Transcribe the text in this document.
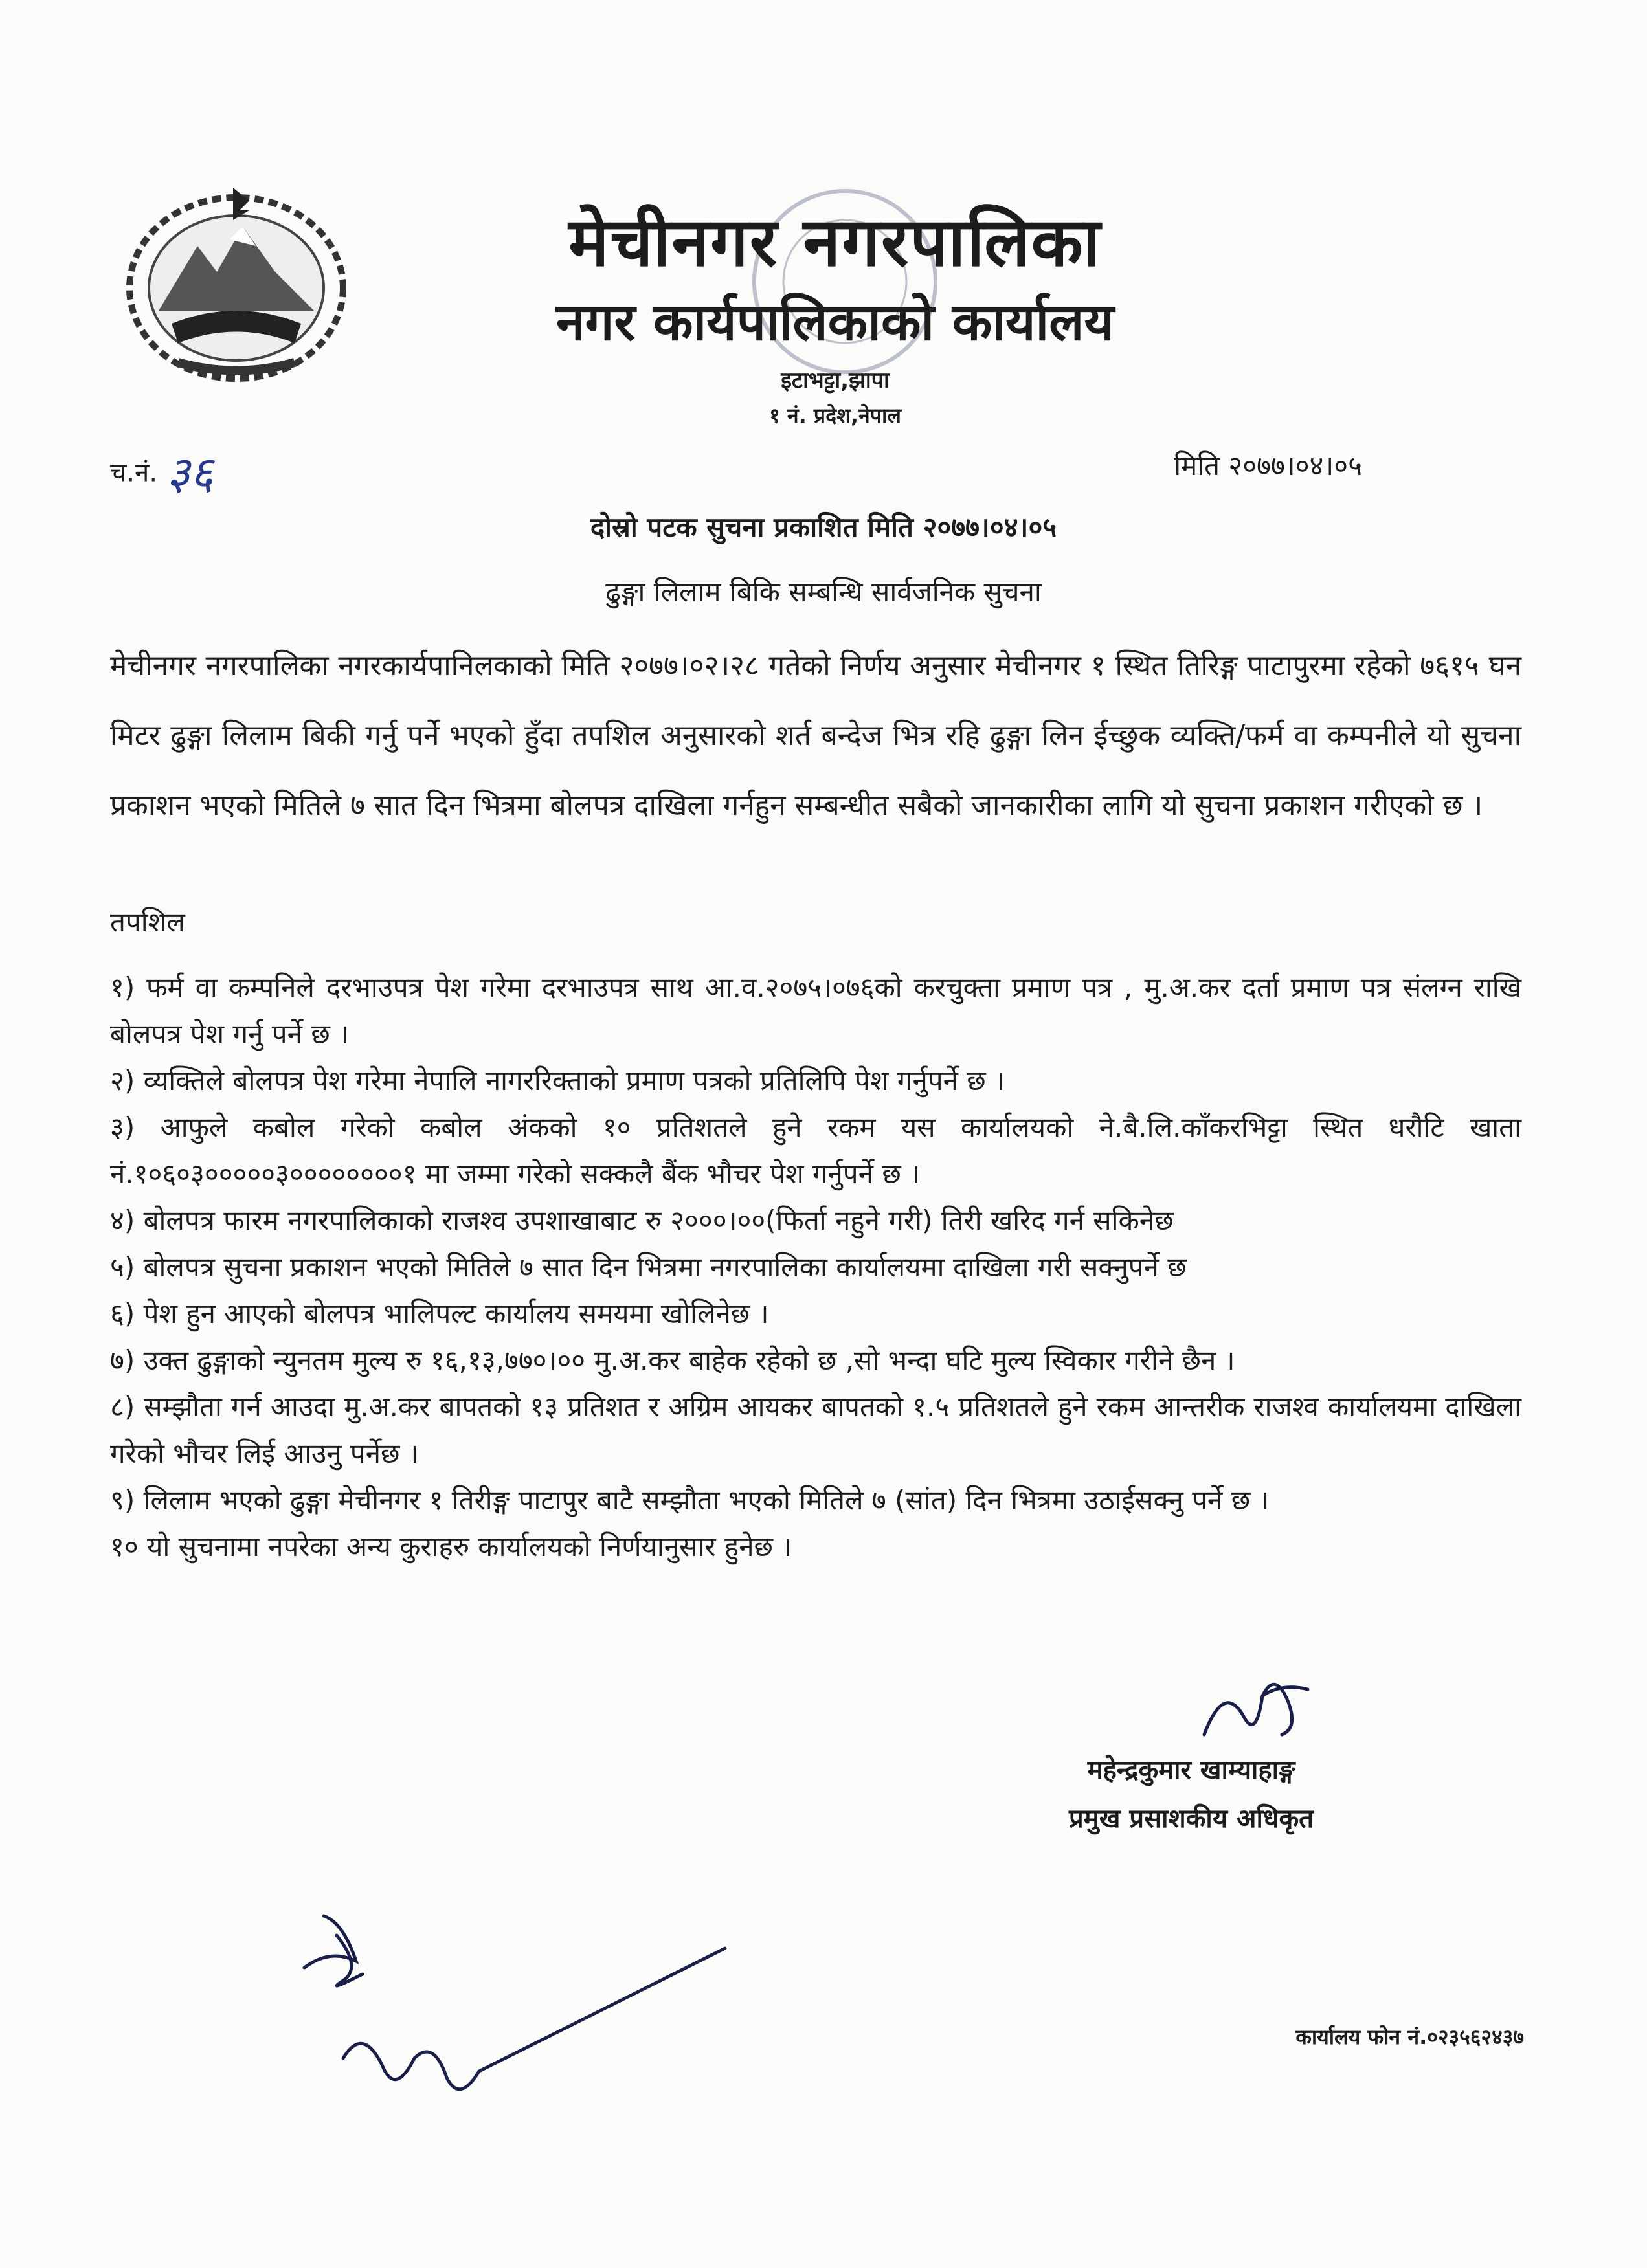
मेचीनगर नगरपालिका
नगर कार्यपालिकाको कार्यालय
इटाभट्टा,झापा
१ नं. प्रदेश,नेपाल
च.नं. ३६	मिति २०७७।०४।०५
दोस्रो पटक सुचना प्रकाशित मिति २०७७।०४।०५
ढुङ्गा लिलाम बिकि सम्बन्धि सार्वजनिक सुचना
मेचीनगर नगरपालिका नगरकार्यपानिलकाको मिति २०७७।०२।२८ गतेको निर्णय अनुसार मेचीनगर १ स्थित तिरिङ्ग पाटापुरमा रहेको ७६१५ घन मिटर ढुङ्गा लिलाम बिकी गर्नु पर्ने भएको हुँदा तपशिल अनुसारको शर्त बन्देज भित्र रहि ढुङ्गा लिन ईच्छुक व्यक्ति/फर्म वा कम्पनीले यो सुचना प्रकाशन भएको मितिले ७ सात दिन भित्रमा बोलपत्र दाखिला गर्नहुन सम्बन्धीत सबैको जानकारीका लागि यो सुचना प्रकाशन गरीएको छ ।
तपशिल

१) फर्म वा कम्पनिले दरभाउपत्र पेश गरेमा दरभाउपत्र साथ आ.व.२०७५।०७६को करचुक्ता प्रमाण पत्र , मु.अ.कर दर्ता प्रमाण पत्र संलग्न राखि बोलपत्र पेश गर्नु पर्ने छ ।

२) व्यक्तिले बोलपत्र पेश गरेमा नेपालि नागररिक्ताको प्रमाण पत्रको प्रतिलिपि पेश गर्नुपर्ने छ ।

३) आफुले कबोल गरेको कबोल अंकको १० प्रतिशतले हुने रकम यस कार्यालयको ने.बै.लि.काँकरभिट्टा स्थित धरौटि खाता नं.१०६०३०००००३००००००००१ मा जम्मा गरेको सक्कलै बैंक भौचर पेश गर्नुपर्ने छ ।

४) बोलपत्र फारम नगरपालिकाको राजश्व उपशाखाबाट रु २०००।००(फिर्ता नहुने गरी) तिरी खरिद गर्न सकिनेछ

५) बोलपत्र सुचना प्रकाशन भएको मितिले ७ सात दिन भित्रमा नगरपालिका कार्यालयमा दाखिला गरी सक्नुपर्ने छ

६) पेश हुन आएको बोलपत्र भालिपल्ट कार्यालय समयमा खोलिनेछ ।

७) उक्त ढुङ्गाको न्युनतम मुल्य रु १६,१३,७७०।०० मु.अ.कर बाहेक रहेको छ ,सो भन्दा घटि मुल्य स्विकार गरीने छैन ।

८) सम्झौता गर्न आउदा मु.अ.कर बापतको १३ प्रतिशत र अग्रिम आयकर बापतको १.५ प्रतिशतले हुने रकम आन्तरीक राजश्व कार्यालयमा दाखिला गरेको भौचर लिई आउनु पर्नेछ ।

९) लिलाम भएको ढुङ्गा मेचीनगर १ तिरीङ्ग पाटापुर बाटै सम्झौता भएको मितिले ७ (सांत) दिन भित्रमा उठाईसक्नु पर्ने छ ।

१० यो सुचनामा नपरेका अन्य कुराहरु कार्यालयको निर्णयानुसार हुनेछ ।

महेन्द्रकुमार खाम्याहाङ्ग
प्रमुख प्रसाशकीय अधिकृत
कार्यालय फोन नं.०२३५६२४३७
